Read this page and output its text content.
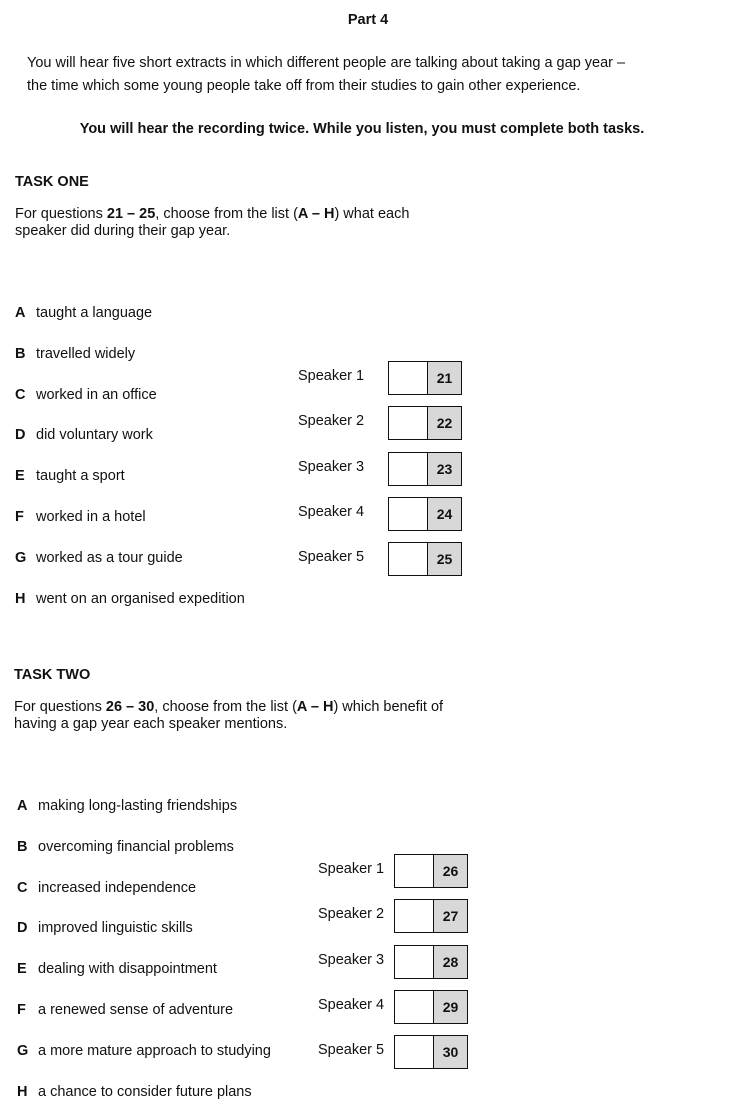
Part 4
You will hear five short extracts in which different people are talking about taking a gap year –
the time which some young people take off from their studies to gain other experience.
You will hear the recording twice. While you listen, you must complete both tasks.
TASK ONE
For questions 21 – 25, choose from the list (A – H) what each
speaker did during their gap year.
A taught a language
B travelled widely
C worked in an office
D did voluntary work
E taught a sport
F worked in a hotel
G worked as a tour guide
H went on an organised expedition
Speaker 1	21
Speaker 2	22
Speaker 3	23
Speaker 4	24
Speaker 5	25
TASK TWO
For questions 26 – 30, choose from the list (A – H) which benefit of
having a gap year each speaker mentions.
A making long-lasting friendships
B overcoming financial problems
C increased independence
D improved linguistic skills
E dealing with disappointment
F a renewed sense of adventure
G a more mature approach to studying
H a chance to consider future plans
Speaker 1	26
Speaker 2	27
Speaker 3	28
Speaker 4	29
Speaker 5	30
